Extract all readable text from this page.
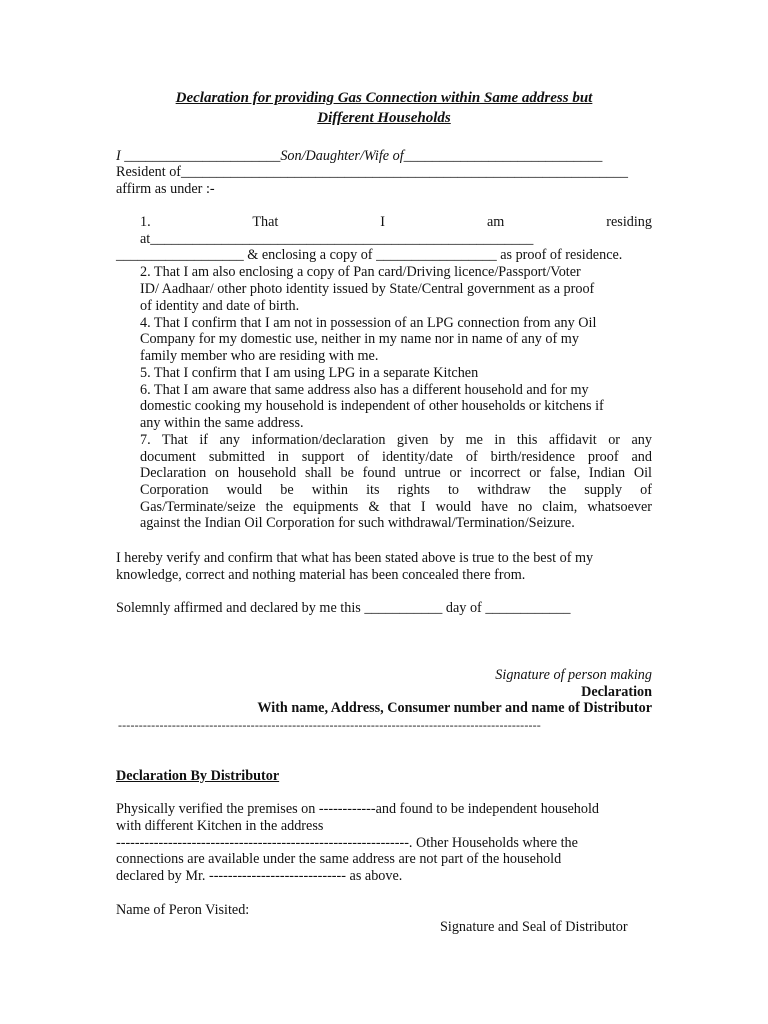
Declaration for providing Gas Connection within Same address but
Different Households
I ______________________Son/Daughter/Wife of____________________________
Resident of_______________________________________________________________
affirm as under :-
1. That I am residing
at______________________________________________________
__________________ & enclosing a copy of _________________ as proof of residence.
2. That I am also enclosing a copy of Pan card/Driving licence/Passport/Voter
ID/ Aadhaar/ other photo identity issued by State/Central government as a proof
of identity and date of birth.
4. That I confirm that I am not in possession of an LPG connection from any Oil
Company for my domestic use, neither in my name nor in name of any of my
family member who are residing with me.
5. That I confirm that I am using LPG in a separate Kitchen
6. That I am aware that same address also has a different household and for my
domestic cooking my household is independent of other households or kitchens if
any within the same address.
7. That if any information/declaration given by me in this affidavit or any
document submitted in support of identity/date of birth/residence proof and
Declaration on household shall be found untrue or incorrect or false, Indian Oil
Corporation would be within its rights to withdraw the supply of
Gas/Terminate/seize the equipments & that I would have no claim, whatsoever
against the Indian Oil Corporation for such withdrawal/Termination/Seizure.
I hereby verify and confirm that what has been stated above is true to the best of my
knowledge, correct and nothing material has been concealed there from.
Solemnly affirmed and declared by me this ___________ day of ____________
Signature of person making
Declaration
With name, Address, Consumer number and name of Distributor
------------------------------------------------------------------------------------------------------
Declaration By Distributor
Physically verified the premises on ------------and found to be independent household
with different Kitchen in the address
--------------------------------------------------------------. Other Households where the
connections are available under the same address are not part of the household
declared by Mr. ----------------------------- as above.
Name of Peron Visited:
Signature and Seal of Distributor
